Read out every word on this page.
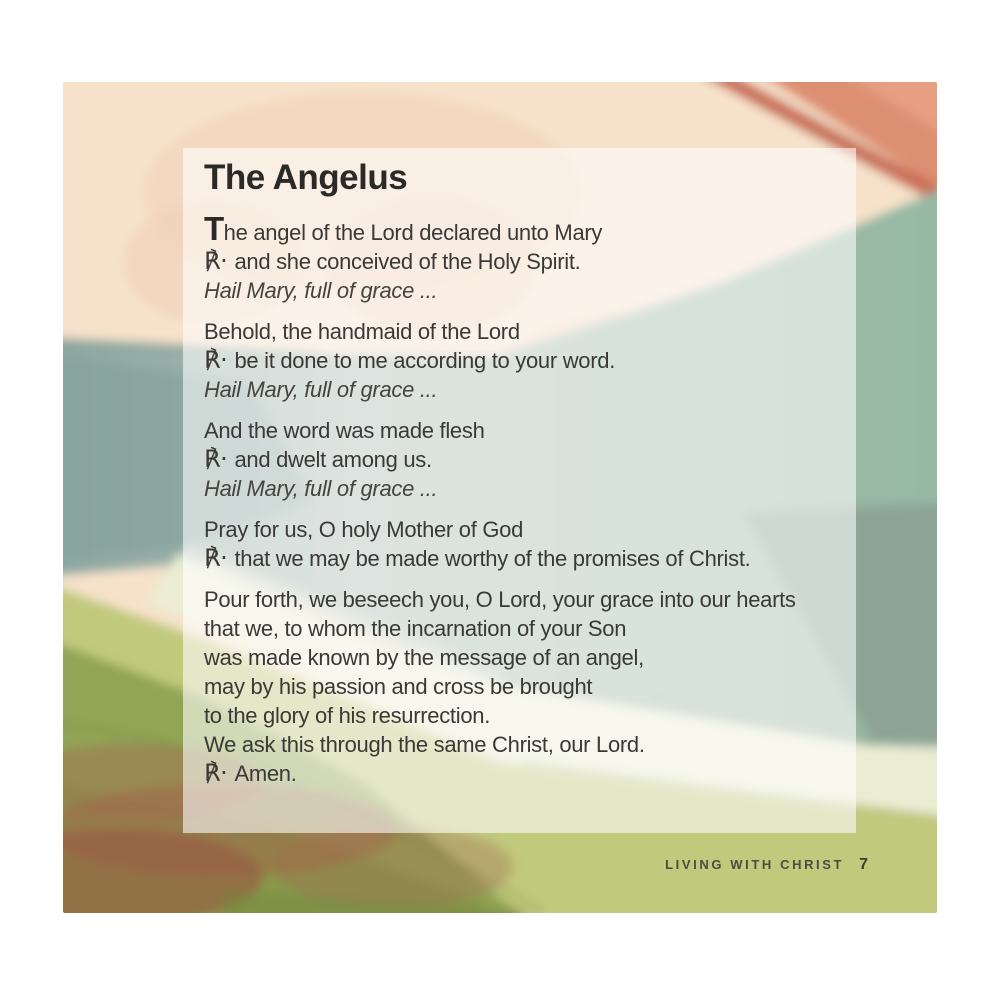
The Angelus
The angel of the Lord declared unto Mary
℟· and she conceived of the Holy Spirit.
Hail Mary, full of grace ...
Behold, the handmaid of the Lord
℟· be it done to me according to your word.
Hail Mary, full of grace ...
And the word was made flesh
℟· and dwelt among us.
Hail Mary, full of grace ...
Pray for us, O holy Mother of God
℟· that we may be made worthy of the promises of Christ.
Pour forth, we beseech you, O Lord, your grace into our hearts
that we, to whom the incarnation of your Son
was made known by the message of an angel,
may by his passion and cross be brought
to the glory of his resurrection.
We ask this through the same Christ, our Lord.
℟· Amen.
LIVING WITH CHRIST 7
